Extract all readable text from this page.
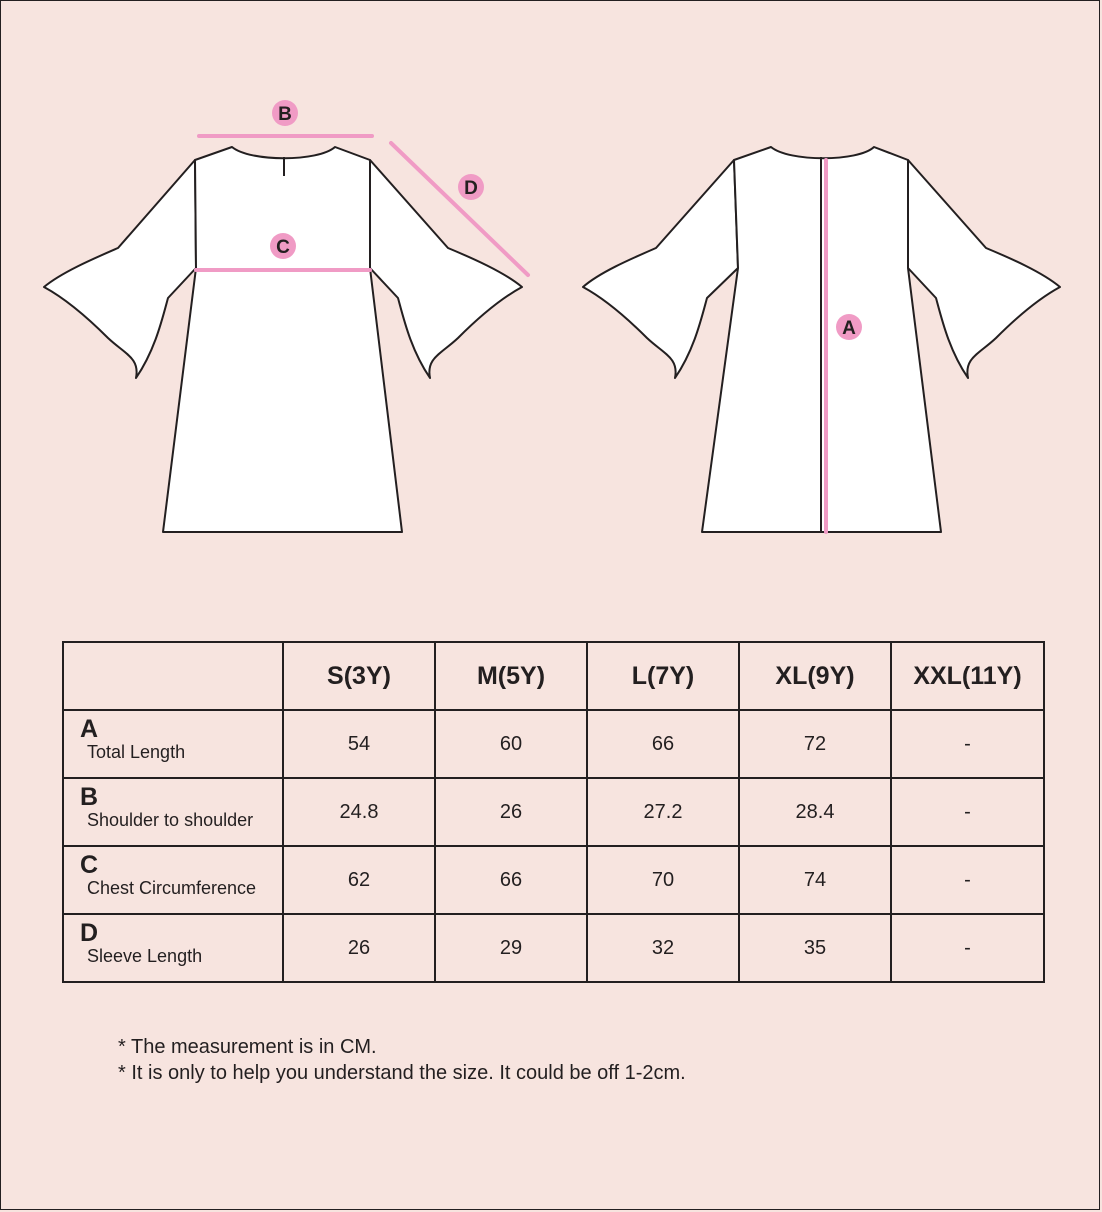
B
C
D
A
	S(3Y)	M(5Y)	L(7Y)	XL(9Y)	XXL(11Y)

A
Total Length	54	60	66	72	-

B
Shoulder to shoulder	24.8	26	27.2	28.4	-

C
Chest Circumference	62	66	70	74	-

D
Sleeve Length	26	29	32	35	-
* The measurement is in CM.
* It is only to help you understand the size. It could be off 1-2cm.
